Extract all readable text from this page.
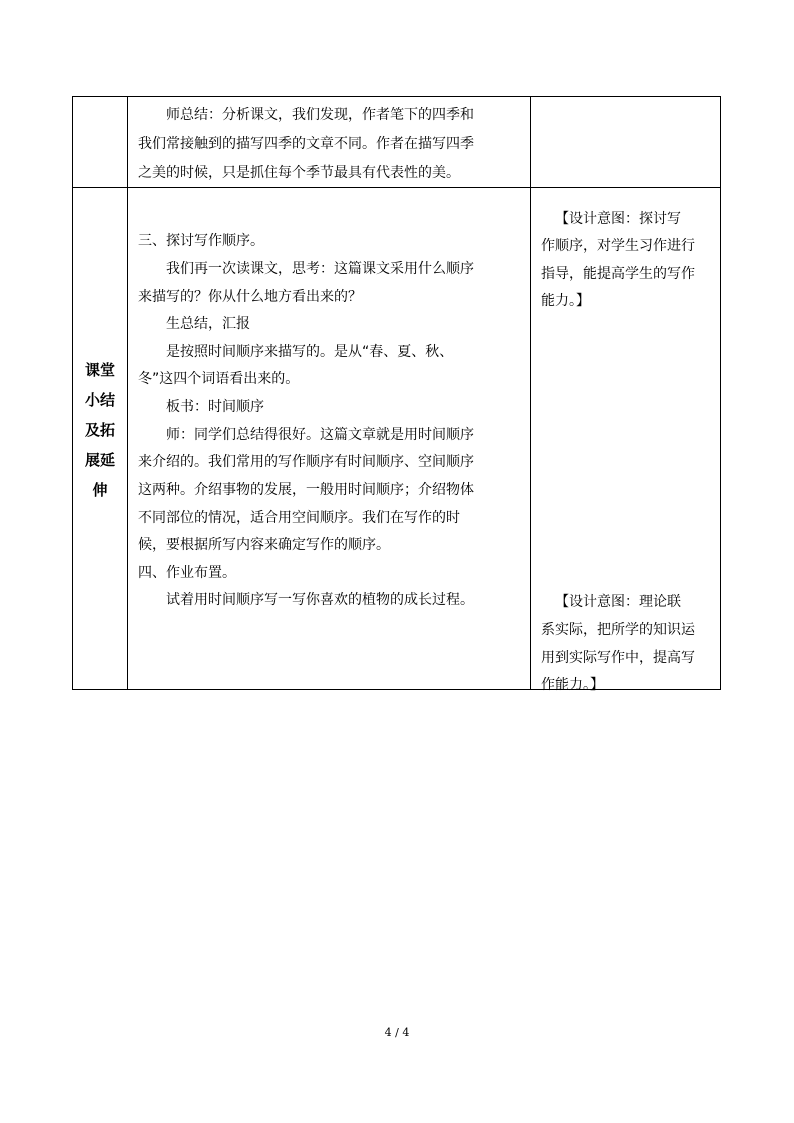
师总结：分析课文，我们发现，作者笔下的四季和
我们常接触到的描写四季的文章不同。作者在描写四季
之美的时候，只是抓住每个季节最具有代表性的美。
课堂
小结
及拓
展延
伸
三、探讨写作顺序。
我们再一次读课文，思考：这篇课文采用什么顺序
来描写的？你从什么地方看出来的？
生总结，汇报
是按照时间顺序来描写的。是从“春、夏、秋、
冬”这四个词语看出来的。
板书：时间顺序
师：同学们总结得很好。这篇文章就是用时间顺序
来介绍的。我们常用的写作顺序有时间顺序、空间顺序
这两种。介绍事物的发展，一般用时间顺序；介绍物体
不同部位的情况，适合用空间顺序。我们在写作的时
候，要根据所写内容来确定写作的顺序。
四、作业布置。
试着用时间顺序写一写你喜欢的植物的成长过程。
【设计意图：探讨写
作顺序，对学生习作进行
指导，能提高学生的写作
能力。】
【设计意图：理论联
系实际，把所学的知识运
用到实际写作中，提高写
作能力。】
4 / 4
